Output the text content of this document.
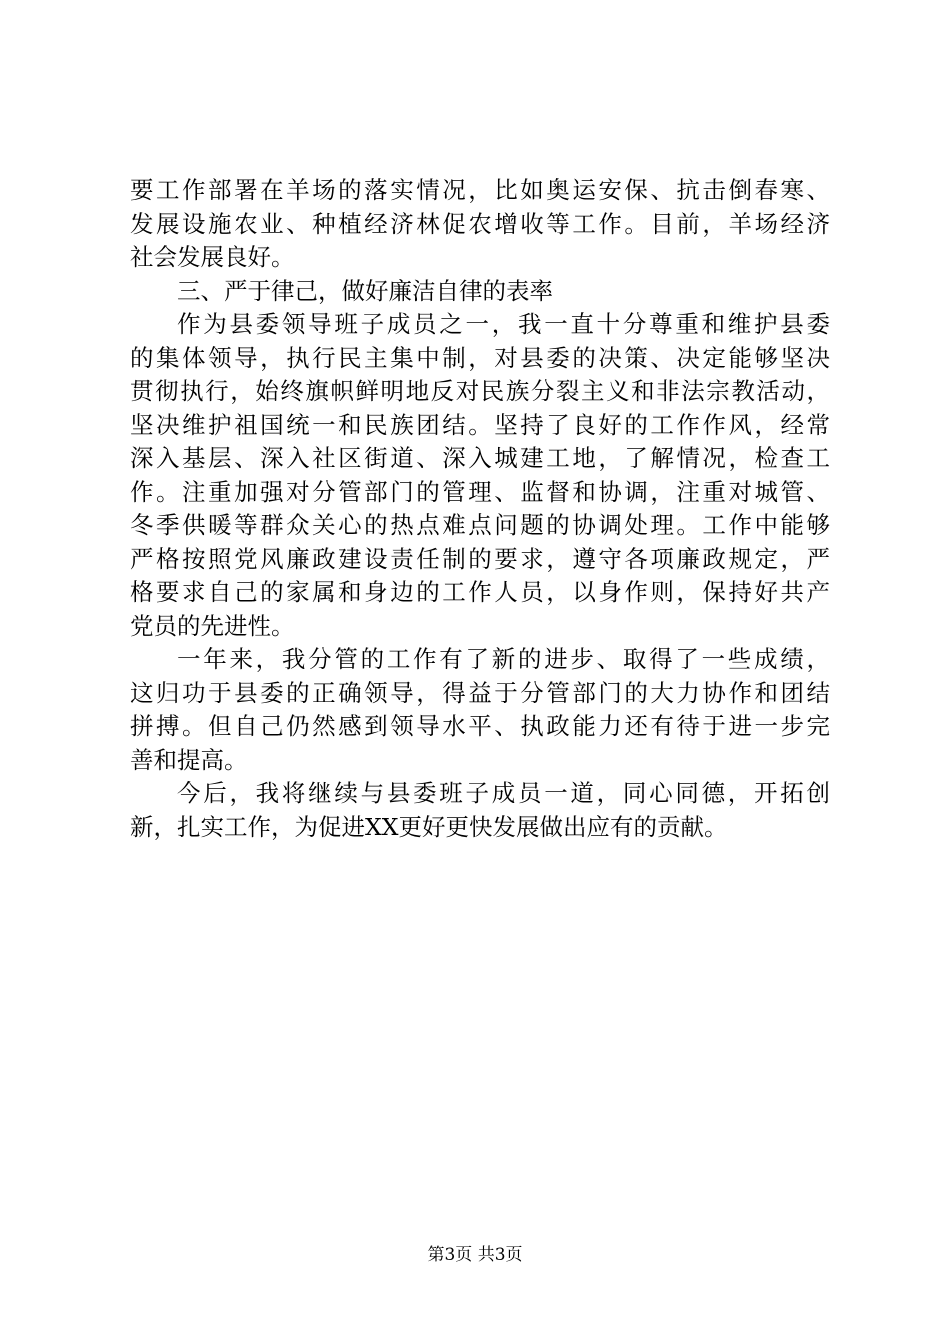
要工作部署在羊场的落实情况，比如奥运安保、抗击倒春寒、
发展设施农业、种植经济林促农增收等工作。目前，羊场经济
社会发展良好。
三、严于律己，做好廉洁自律的表率
作为县委领导班子成员之一，我一直十分尊重和维护县委
的集体领导，执行民主集中制，对县委的决策、决定能够坚决
贯彻执行，始终旗帜鲜明地反对民族分裂主义和非法宗教活动，
坚决维护祖国统一和民族团结。坚持了良好的工作作风，经常
深入基层、深入社区街道、深入城建工地，了解情况，检查工
作。注重加强对分管部门的管理、监督和协调，注重对城管、
冬季供暖等群众关心的热点难点问题的协调处理。工作中能够
严格按照党风廉政建设责任制的要求，遵守各项廉政规定，严
格要求自己的家属和身边的工作人员，以身作则，保持好共产
党员的先进性。
一年来，我分管的工作有了新的进步、取得了一些成绩，
这归功于县委的正确领导，得益于分管部门的大力协作和团结
拼搏。但自己仍然感到领导水平、执政能力还有待于进一步完
善和提高。
今后，我将继续与县委班子成员一道，同心同德，开拓创
新，扎实工作，为促进XX更好更快发展做出应有的贡献。
第3页 共3页
